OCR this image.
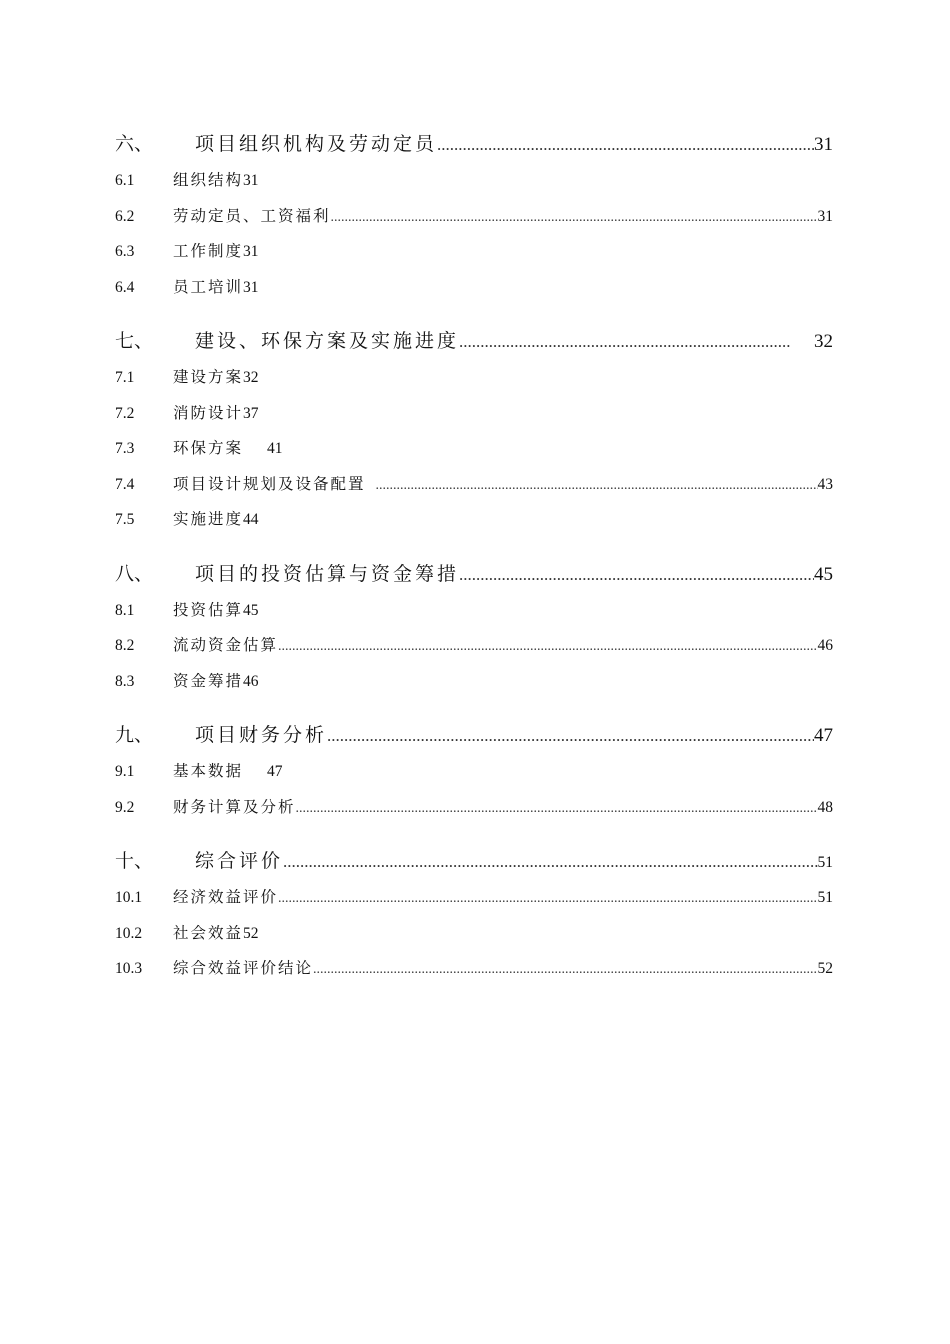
六、	项目组织机构及劳动定员 .....	31
6.1	组织结构 31
6.2	劳动定员、工资福利 .....	31
6.3	工作制度 31
6.4	员工培训 31
七、	建设、环保方案及实施进度 .....	32
7.1	建设方案 32
7.2	消防设计 37
7.3	环保方案 41
7.4	项目设计规划及设备配置 .....	43
7.5	实施进度 44
八、	项目的投资估算与资金筹措 .....	45
8.1	投资估算 45
8.2	流动资金估算 .....	46
8.3	资金筹措 46
九、	项目财务分析 .....	47
9.1	基本数据 47
9.2	财务计算及分析 .....	48
十、	综合评价 .....	51
10.1	经济效益评价 .....	51
10.2	社会效益 52
10.3	综合效益评价结论 .....	52
